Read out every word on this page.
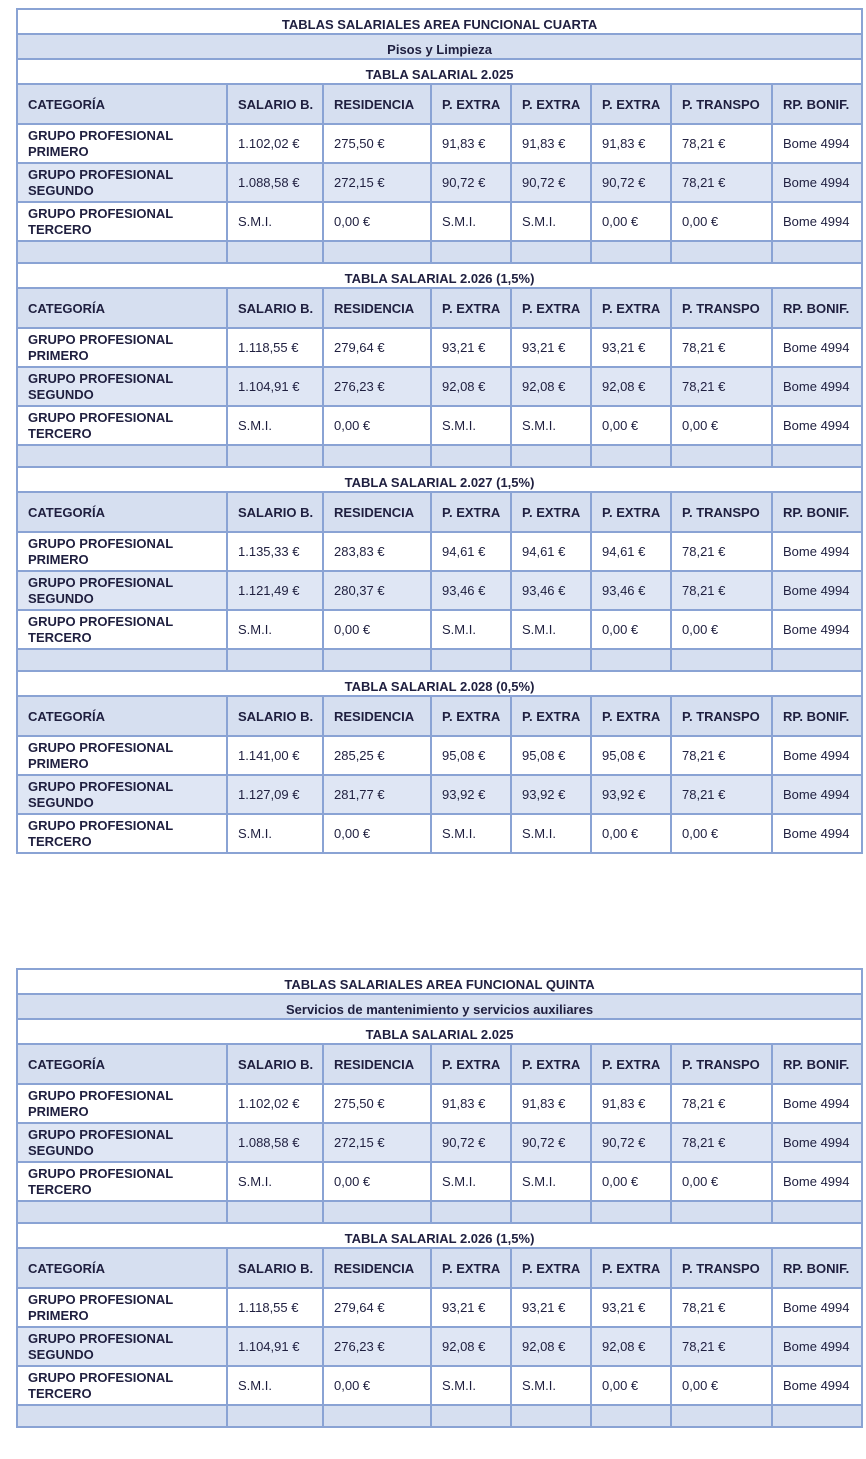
TABLAS SALARIALES AREA FUNCIONAL CUARTA							
Pisos y Limpieza							
TABLA SALARIAL 2.025							
CATEGORÍA	SALARIO B.	RESIDENCIA	P. EXTRA	P. EXTRA	P. EXTRA	P. TRANSPO	RP. BONIF.
GRUPO PROFESIONAL PRIMERO	1.102,02 €	275,50 €	91,83 €	91,83 €	91,83 €	78,21 €	Bome 4994
GRUPO PROFESIONAL SEGUNDO	1.088,58 €	272,15 €	90,72 €	90,72 €	90,72 €	78,21 €	Bome 4994
GRUPO PROFESIONAL TERCERO	S.M.I.	0,00 €	S.M.I.	S.M.I.	0,00 €	0,00 €	Bome 4994

TABLA SALARIAL 2.026 (1,5%)							
CATEGORÍA	SALARIO B.	RESIDENCIA	P. EXTRA	P. EXTRA	P. EXTRA	P. TRANSPO	RP. BONIF.
GRUPO PROFESIONAL PRIMERO	1.118,55 €	279,64 €	93,21 €	93,21 €	93,21 €	78,21 €	Bome 4994
GRUPO PROFESIONAL SEGUNDO	1.104,91 €	276,23 €	92,08 €	92,08 €	92,08 €	78,21 €	Bome 4994
GRUPO PROFESIONAL TERCERO	S.M.I.	0,00 €	S.M.I.	S.M.I.	0,00 €	0,00 €	Bome 4994

TABLA SALARIAL 2.027 (1,5%)							
CATEGORÍA	SALARIO B.	RESIDENCIA	P. EXTRA	P. EXTRA	P. EXTRA	P. TRANSPO	RP. BONIF.
GRUPO PROFESIONAL PRIMERO	1.135,33 €	283,83 €	94,61 €	94,61 €	94,61 €	78,21 €	Bome 4994
GRUPO PROFESIONAL SEGUNDO	1.121,49 €	280,37 €	93,46 €	93,46 €	93,46 €	78,21 €	Bome 4994
GRUPO PROFESIONAL TERCERO	S.M.I.	0,00 €	S.M.I.	S.M.I.	0,00 €	0,00 €	Bome 4994

TABLA SALARIAL 2.028 (0,5%)							
CATEGORÍA	SALARIO B.	RESIDENCIA	P. EXTRA	P. EXTRA	P. EXTRA	P. TRANSPO	RP. BONIF.
GRUPO PROFESIONAL PRIMERO	1.141,00 €	285,25 €	95,08 €	95,08 €	95,08 €	78,21 €	Bome 4994
GRUPO PROFESIONAL SEGUNDO	1.127,09 €	281,77 €	93,92 €	93,92 €	93,92 €	78,21 €	Bome 4994
GRUPO PROFESIONAL TERCERO	S.M.I.	0,00 €	S.M.I.	S.M.I.	0,00 €	0,00 €	Bome 4994
TABLAS SALARIALES AREA FUNCIONAL QUINTA							
Servicios de mantenimiento y servicios auxiliares							
TABLA SALARIAL 2.025							
CATEGORÍA	SALARIO B.	RESIDENCIA	P. EXTRA	P. EXTRA	P. EXTRA	P. TRANSPO	RP. BONIF.
GRUPO PROFESIONAL PRIMERO	1.102,02 €	275,50 €	91,83 €	91,83 €	91,83 €	78,21 €	Bome 4994
GRUPO PROFESIONAL SEGUNDO	1.088,58 €	272,15 €	90,72 €	90,72 €	90,72 €	78,21 €	Bome 4994
GRUPO PROFESIONAL TERCERO	S.M.I.	0,00 €	S.M.I.	S.M.I.	0,00 €	0,00 €	Bome 4994

TABLA SALARIAL 2.026 (1,5%)							
CATEGORÍA	SALARIO B.	RESIDENCIA	P. EXTRA	P. EXTRA	P. EXTRA	P. TRANSPO	RP. BONIF.
GRUPO PROFESIONAL PRIMERO	1.118,55 €	279,64 €	93,21 €	93,21 €	93,21 €	78,21 €	Bome 4994
GRUPO PROFESIONAL SEGUNDO	1.104,91 €	276,23 €	92,08 €	92,08 €	92,08 €	78,21 €	Bome 4994
GRUPO PROFESIONAL TERCERO	S.M.I.	0,00 €	S.M.I.	S.M.I.	0,00 €	0,00 €	Bome 4994
